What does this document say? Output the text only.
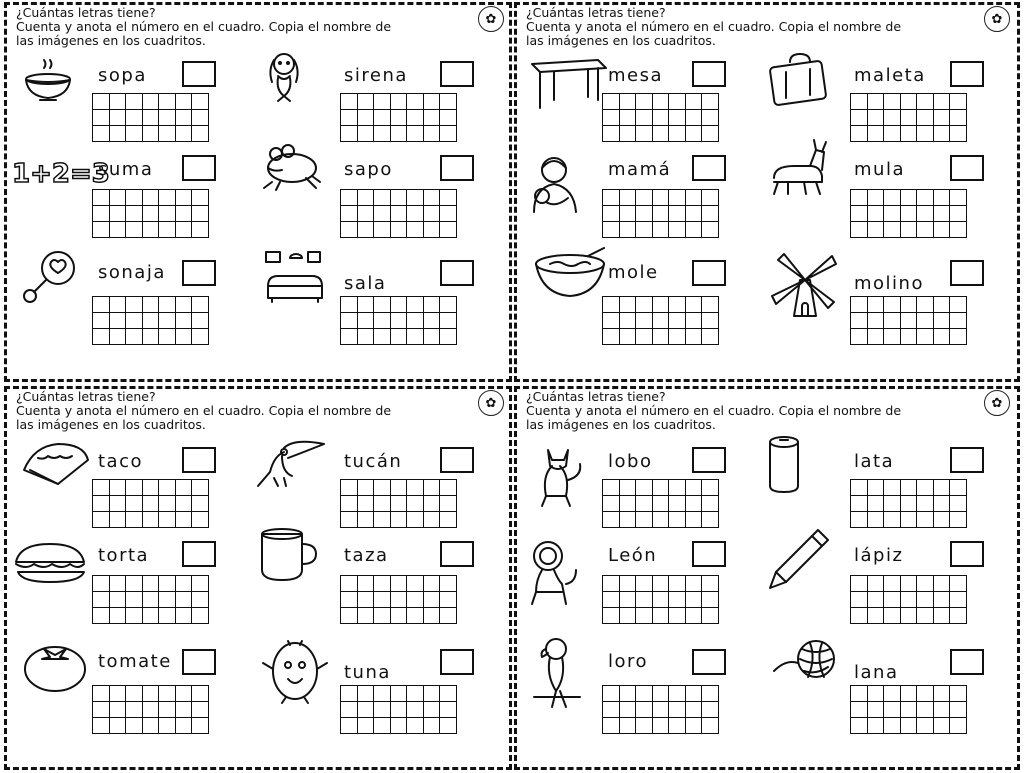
¿Cuántas letras tiene?
Cuenta y anota el número en el cuadro. Copia el nombre de
las imágenes en los cuadritos.
✿
sopa	sirena
1+2=3
suma	sapo
sonaja
sala
¿Cuántas letras tiene?
Cuenta y anota el número en el cuadro. Copia el nombre de
las imágenes en los cuadritos.
✿
mesa	maleta
mamá	mula
mole
molino
¿Cuántas letras tiene?
Cuenta y anota el número en el cuadro. Copia el nombre de
las imágenes en los cuadritos.
✿
taco	tucán
torta	taza
tomate
tuna
¿Cuántas letras tiene?
Cuenta y anota el número en el cuadro. Copia el nombre de
las imágenes en los cuadritos.
✿
lobo	lata
León	lápiz
loro
lana
